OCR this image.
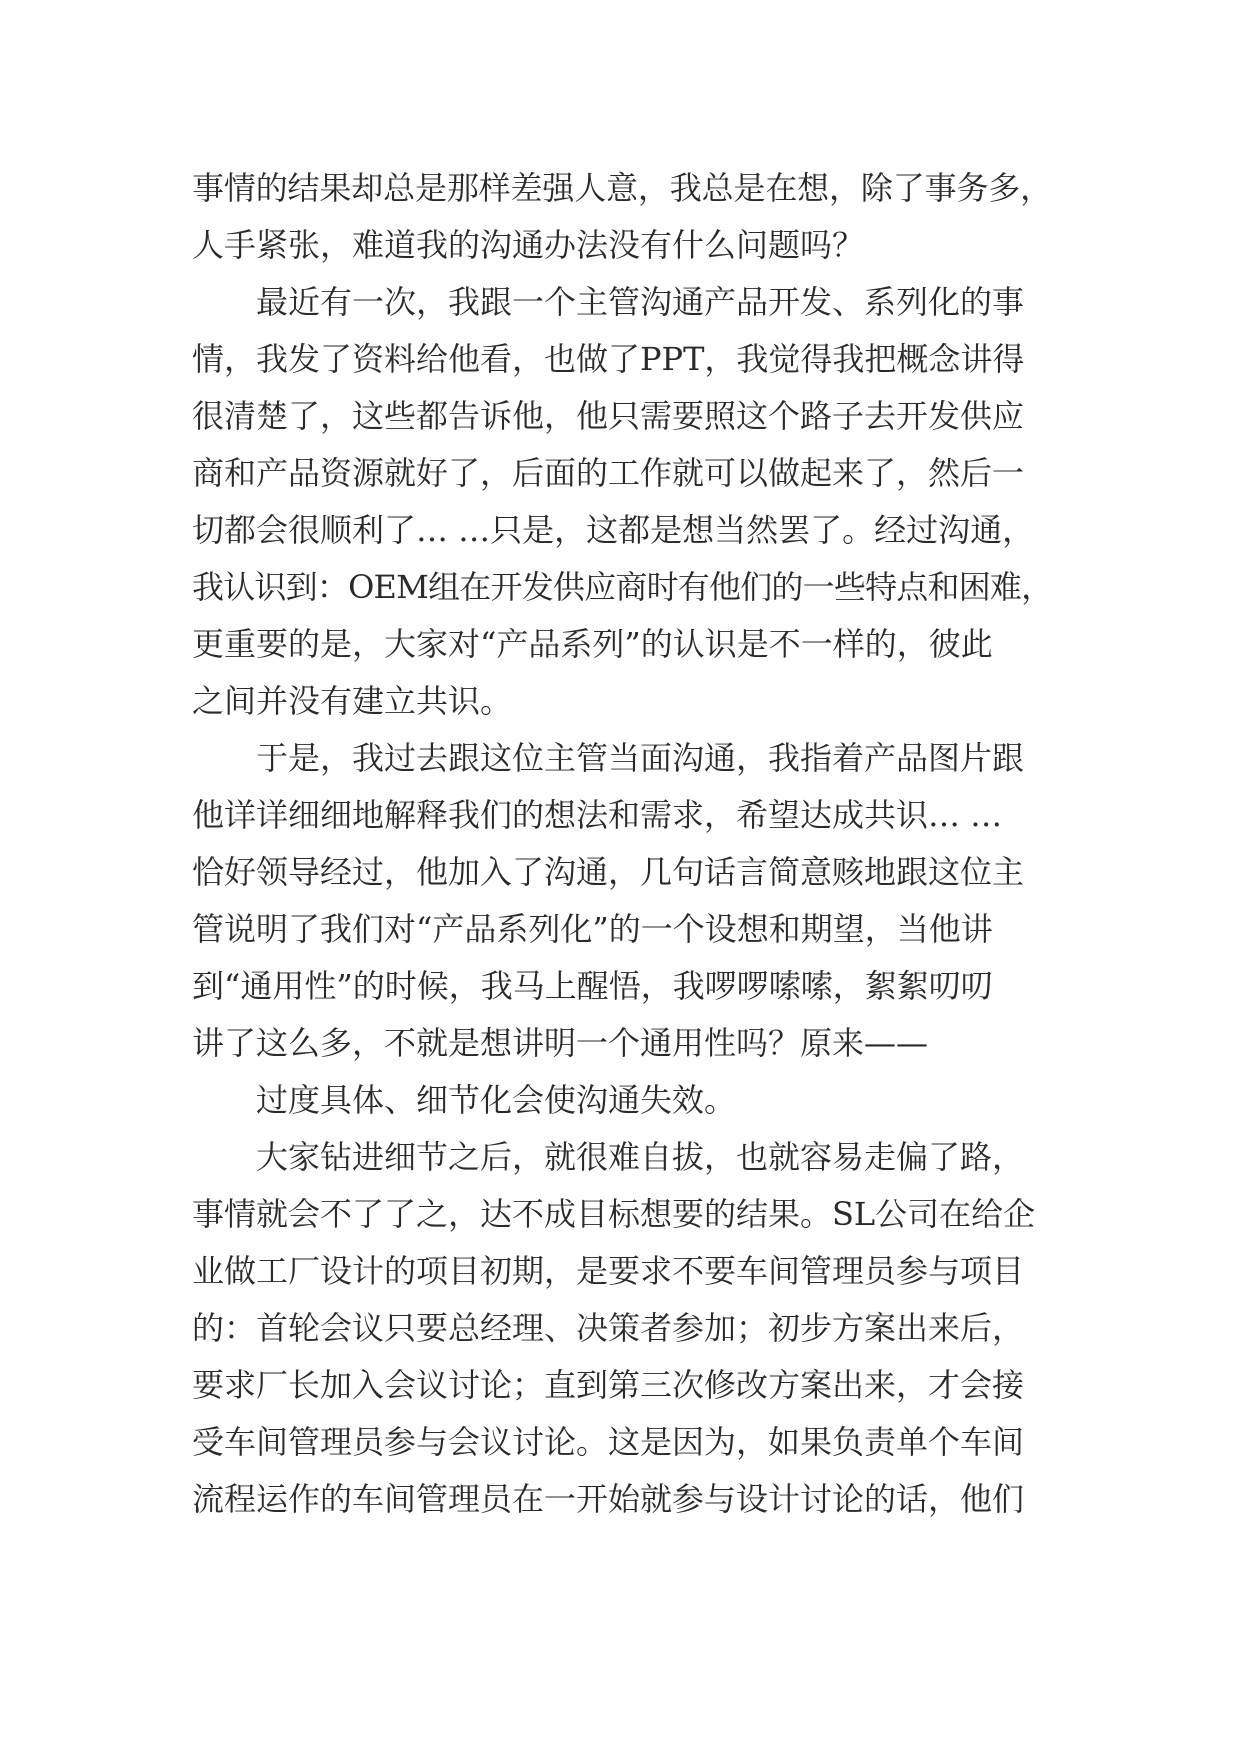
事情的结果却总是那样差强人意，我总是在想，除了事务多，
人手紧张，难道我的沟通办法没有什么问题吗？
最近有一次，我跟一个主管沟通产品开发、系列化的事
情，我发了资料给他看，也做了PPT，我觉得我把概念讲得
很清楚了，这些都告诉他，他只需要照这个路子去开发供应
商和产品资源就好了，后面的工作就可以做起来了，然后一
切都会很顺利了… …只是，这都是想当然罢了。经过沟通，
我认识到：OEM组在开发供应商时有他们的一些特点和困难，
更重要的是，大家对“产品系列”的认识是不一样的，彼此
之间并没有建立共识。
于是，我过去跟这位主管当面沟通，我指着产品图片跟
他详详细细地解释我们的想法和需求，希望达成共识… …
恰好领导经过，他加入了沟通，几句话言简意赅地跟这位主
管说明了我们对“产品系列化”的一个设想和期望，当他讲
到“通用性”的时候，我马上醒悟，我啰啰嗦嗦，絮絮叨叨
讲了这么多，不就是想讲明一个通用性吗？原来——
过度具体、细节化会使沟通失效。
大家钻进细节之后，就很难自拔，也就容易走偏了路，
事情就会不了了之，达不成目标想要的结果。SL公司在给企
业做工厂设计的项目初期，是要求不要车间管理员参与项目
的：首轮会议只要总经理、决策者参加；初步方案出来后，
要求厂长加入会议讨论；直到第三次修改方案出来，才会接
受车间管理员参与会议讨论。这是因为，如果负责单个车间
流程运作的车间管理员在一开始就参与设计讨论的话，他们
